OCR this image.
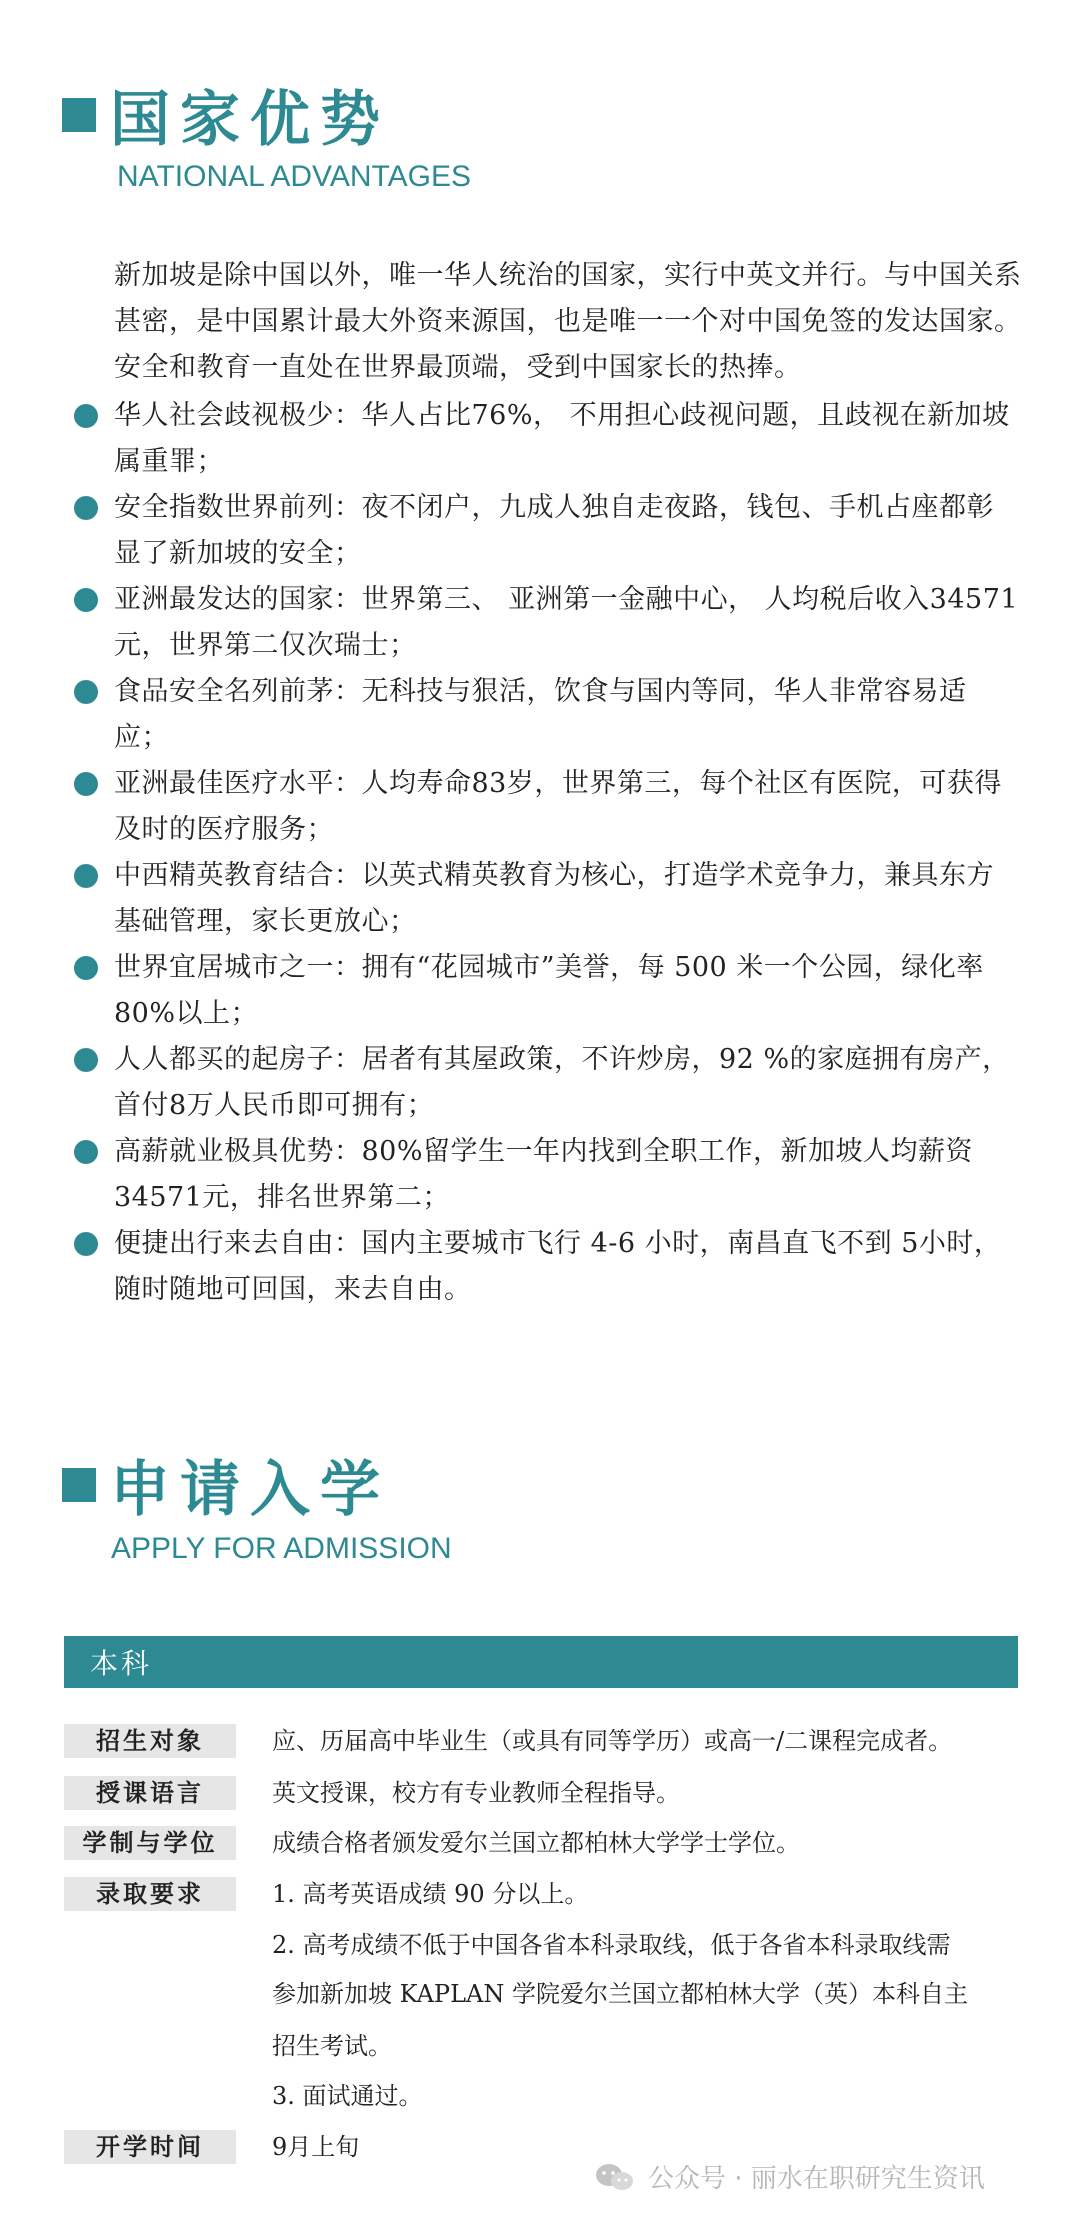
国家优势
NATIONAL ADVANTAGES

新加坡是除中国以外，唯一华人统治的国家，实行中英文并行。与中国关系甚密，是中国累计最大外资来源国，也是唯一一个对中国免签的发达国家。安全和教育一直处在世界最顶端，受到中国家长的热捧。

华人社会歧视极少：华人占比76%， 不用担心歧视问题，且歧视在新加坡属重罪；
安全指数世界前列：夜不闭户，九成人独自走夜路，钱包、手机占座都彰显了新加坡的安全；
亚洲最发达的国家：世界第三、 亚洲第一金融中心， 人均税后收入34571 元，世界第二仅次瑞士；
食品安全名列前茅：无科技与狠活，饮食与国内等同，华人非常容易适应；
亚洲最佳医疗水平：人均寿命83岁，世界第三，每个社区有医院，可获得及时的医疗服务；
中西精英教育结合：以英式精英教育为核心，打造学术竞争力，兼具东方基础管理，家长更放心；
世界宜居城市之一：拥有“花园城市”美誉，每 500 米一个公园，绿化率80%以上；
人人都买的起房子：居者有其屋政策，不许炒房，92 %的家庭拥有房产，首付8万人民币即可拥有；
高薪就业极具优势：80%留学生一年内找到全职工作，新加坡人均薪资34571元，排名世界第二；
便捷出行来去自由：国内主要城市飞行 4-6 小时，南昌直飞不到 5小时，随时随地可回国，来去自由。
申请入学
APPLY FOR ADMISSION
本科
招生对象	应、历届高中毕业生（或具有同等学历）或高一/二课程完成者。
授课语言	英文授课，校方有专业教师全程指导。
学制与学位	成绩合格者颁发爱尔兰国立都柏林大学学士学位。
录取要求	1. 高考英语成绩 90 分以上。
2. 高考成绩不低于中国各省本科录取线，低于各省本科录取线需
参加新加坡 KAPLAN 学院爱尔兰国立都柏林大学（英）本科自主
招生考试。
3. 面试通过。
开学时间	9月上旬
公众号 · 丽水在职研究生资讯
